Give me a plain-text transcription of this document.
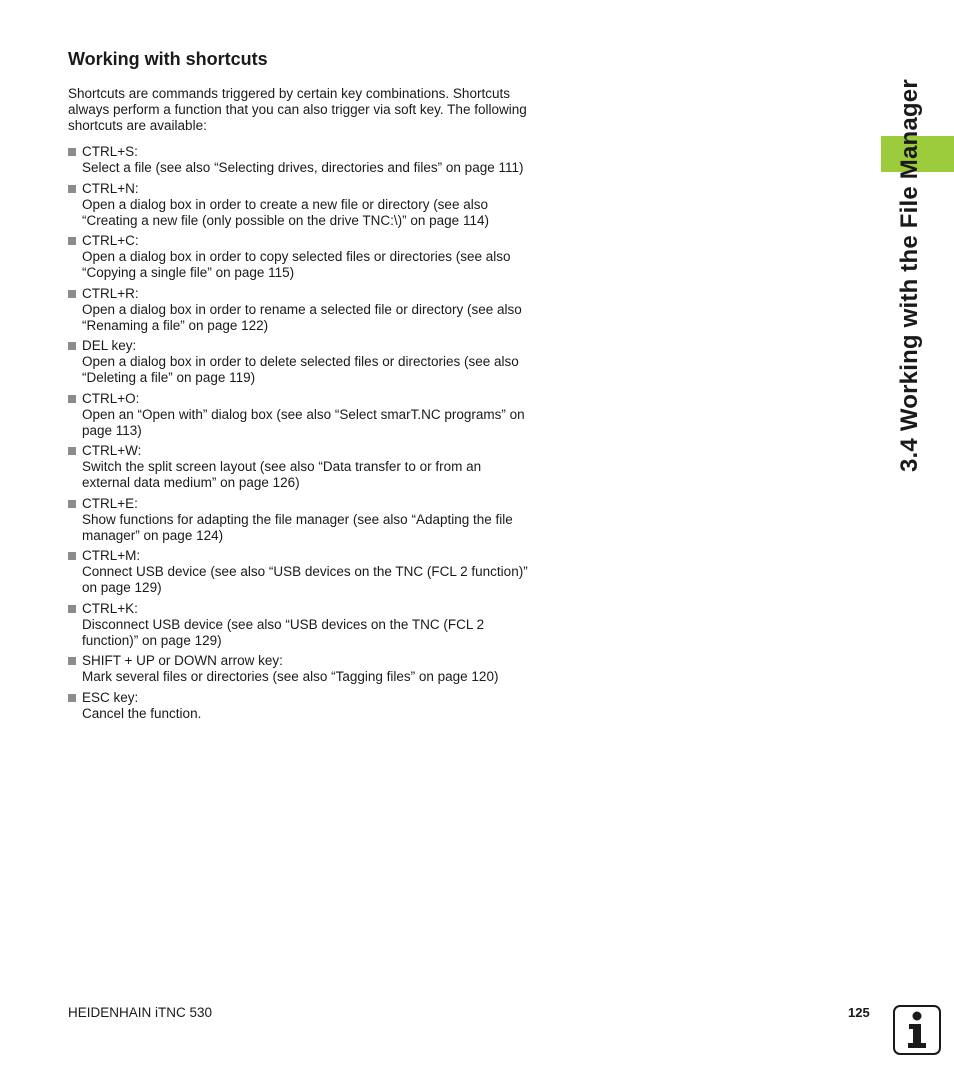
Working with shortcuts

Shortcuts are commands triggered by certain key combinations. Shortcuts always perform a function that you can also trigger via soft key. The following shortcuts are available:

CTRL+S:
Select a file (see also “Selecting drives, directories and files” on page 111)
CTRL+N:
Open a dialog box in order to create a new file or directory (see also “Creating a new file (only possible on the drive TNC:\)” on page 114)
CTRL+C:
Open a dialog box in order to copy selected files or directories (see also “Copying a single file” on page 115)
CTRL+R:
Open a dialog box in order to rename a selected file or directory (see also “Renaming a file” on page 122)
DEL key:
Open a dialog box in order to delete selected files or directories (see also “Deleting a file” on page 119)
CTRL+O:
Open an “Open with” dialog box (see also “Select smarT.NC programs” on page 113)
CTRL+W:
Switch the split screen layout (see also “Data transfer to or from an external data medium” on page 126)
CTRL+E:
Show functions for adapting the file manager (see also “Adapting the file manager” on page 124)
CTRL+M:
Connect USB device (see also “USB devices on the TNC (FCL 2 function)” on page 129)
CTRL+K:
Disconnect USB device (see also “USB devices on the TNC (FCL 2 function)” on page 129)
SHIFT + UP or DOWN arrow key:
Mark several files or directories (see also “Tagging files” on page 120)
ESC key:
Cancel the function.
3.4 Working with the File Manager
HEIDENHAIN iTNC 530	125
